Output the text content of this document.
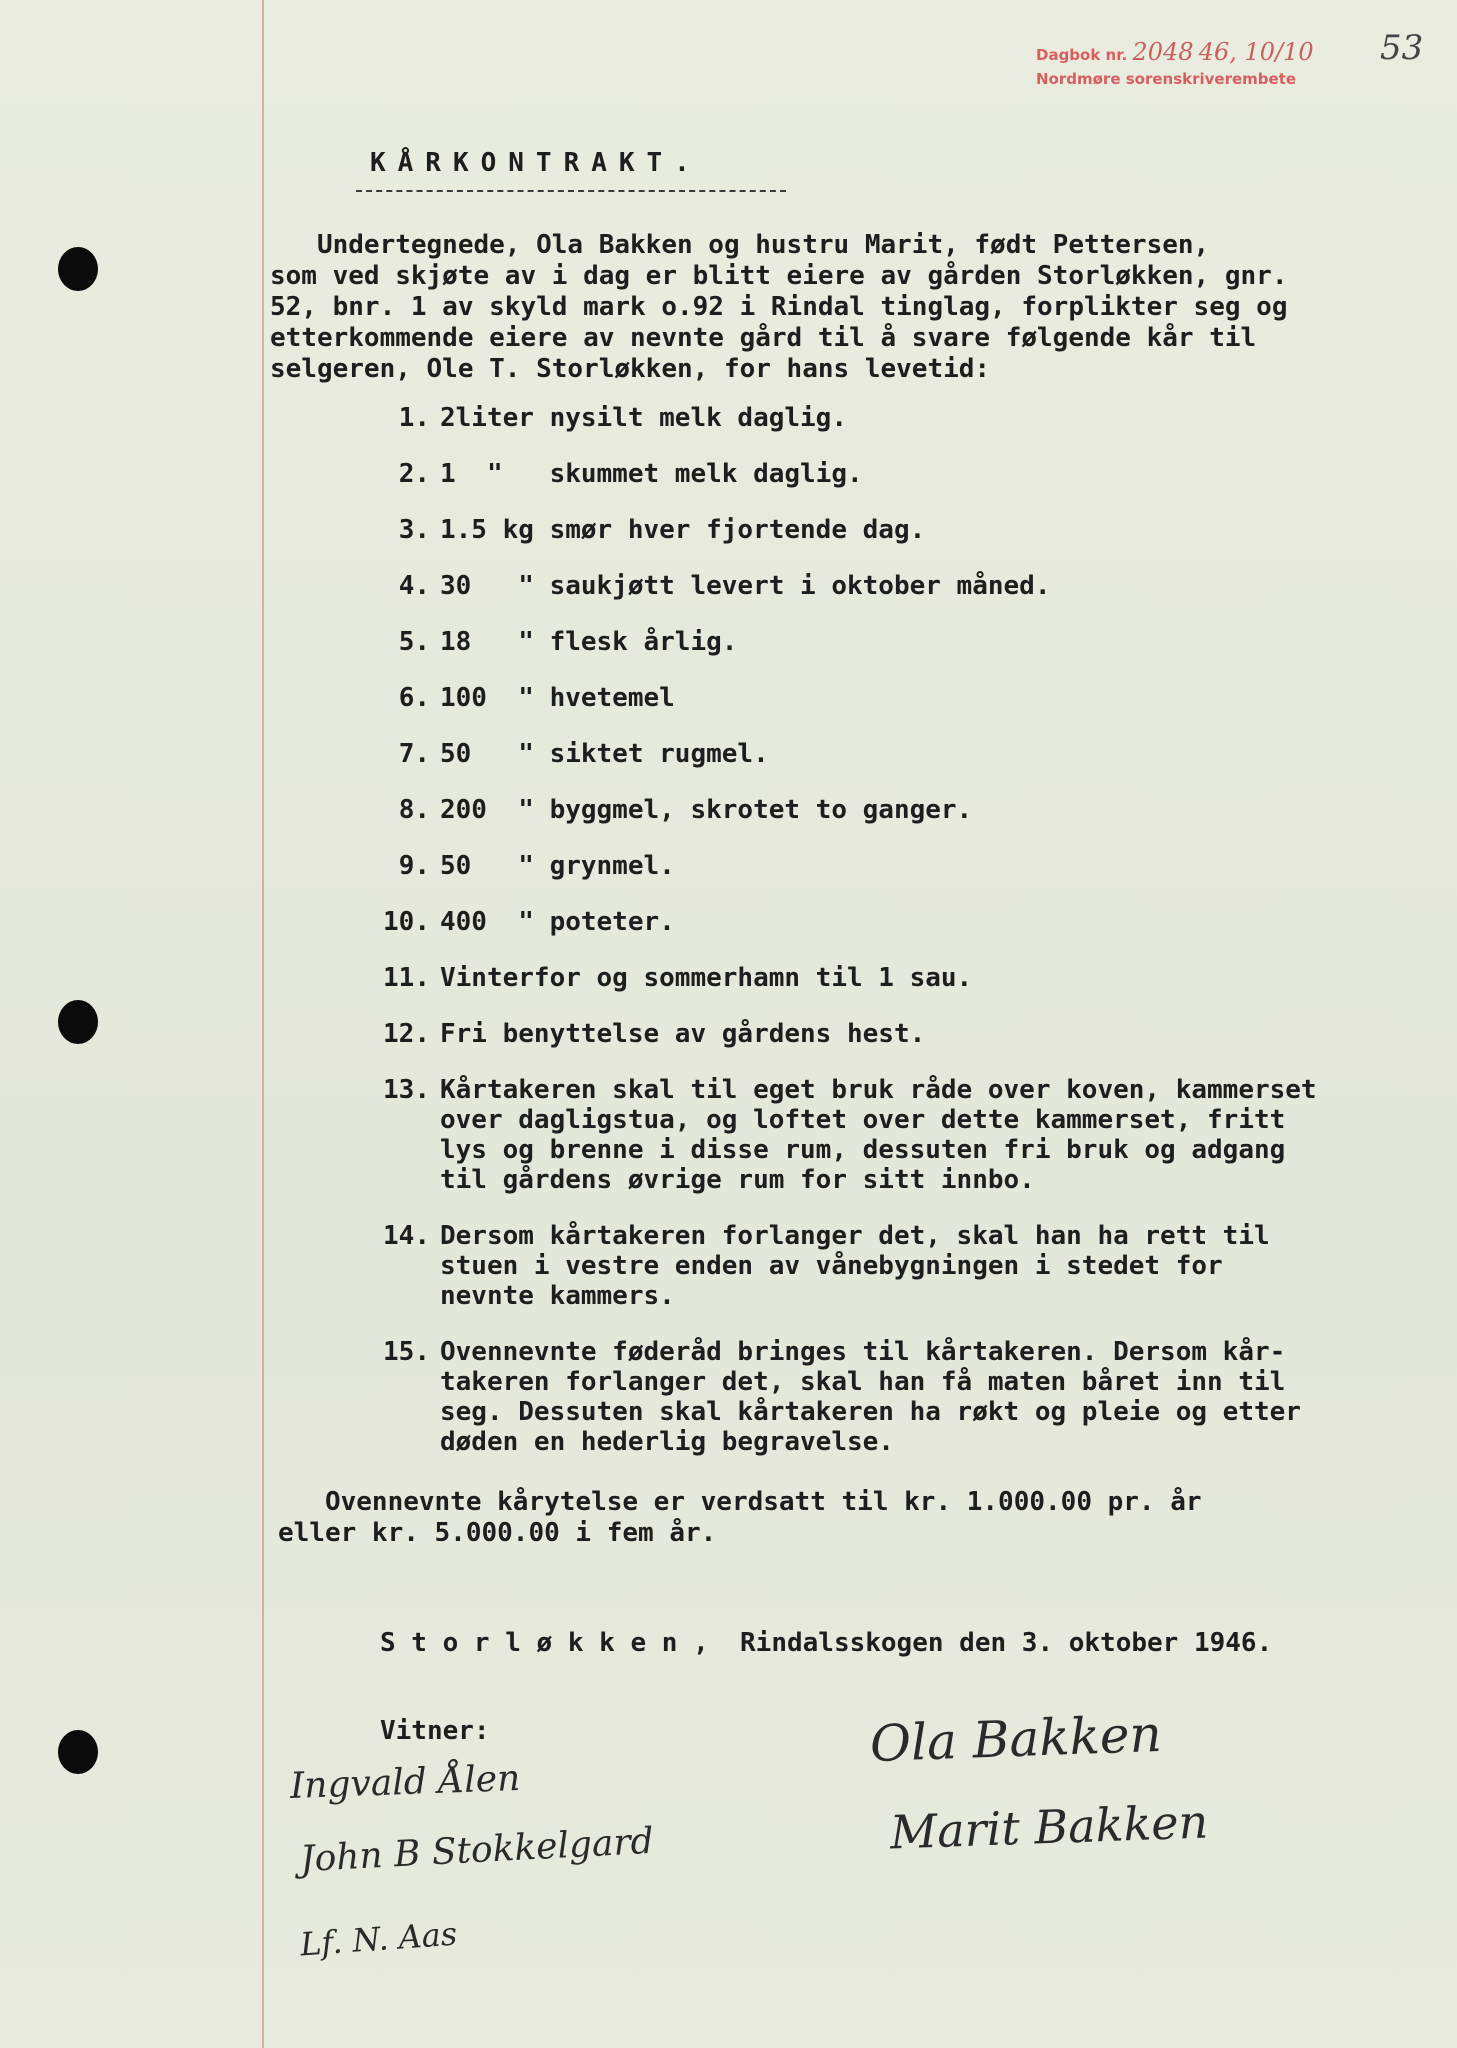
Dagbok nr. 2048 46, 10/10
Nordmøre sorenskriverembete
53
KÅRKONTRAKT.
Undertegnede, Ola Bakken og hustru Marit, født Pettersen,
som ved skjøte av i dag er blitt eiere av gården Storløkken, gnr.
52, bnr. 1 av skyld mark o.92 i Rindal tinglag, forplikter seg og
etterkommende eiere av nevnte gård til å svare følgende kår til
selgeren, Ole T. Storløkken, for hans levetid:
1. 2liter nysilt melk daglig.
2. 1  "   skummet melk daglig.
3. 1.5 kg smør hver fjortende dag.
4. 30   " saukjøtt levert i oktober måned.
5. 18   " flesk årlig.
6. 100  " hvetemel
7. 50   " siktet rugmel.
8. 200  " byggmel, skrotet to ganger.
9. 50   " grynmel.
10. 400  " poteter.
11. Vinterfor og sommerhamn til 1 sau.
12. Fri benyttelse av gårdens hest.
13. Kårtakeren skal til eget bruk råde over koven, kammerset
over dagligstua, og loftet over dette kammerset, fritt
lys og brenne i disse rum, dessuten fri bruk og adgang
til gårdens øvrige rum for sitt innbo.
14. Dersom kårtakeren forlanger det, skal han ha rett til
stuen i vestre enden av vånebygningen i stedet for
nevnte kammers.
15. Ovennevnte føderåd bringes til kårtakeren. Dersom kår-
takeren forlanger det, skal han få maten båret inn til
seg. Dessuten skal kårtakeren ha røkt og pleie og etter
døden en hederlig begravelse.
Ovennevnte kårytelse er verdsatt til kr. 1.000.00 pr. år
eller kr. 5.000.00 i fem år.
S t o r l ø k k e n ,  Rindalsskogen den 3. oktober 1946.
Vitner:
Ingvald Ålen
John B Stokkelgard
Lf. N. Aas
Ola Bakken
Marit Bakken
